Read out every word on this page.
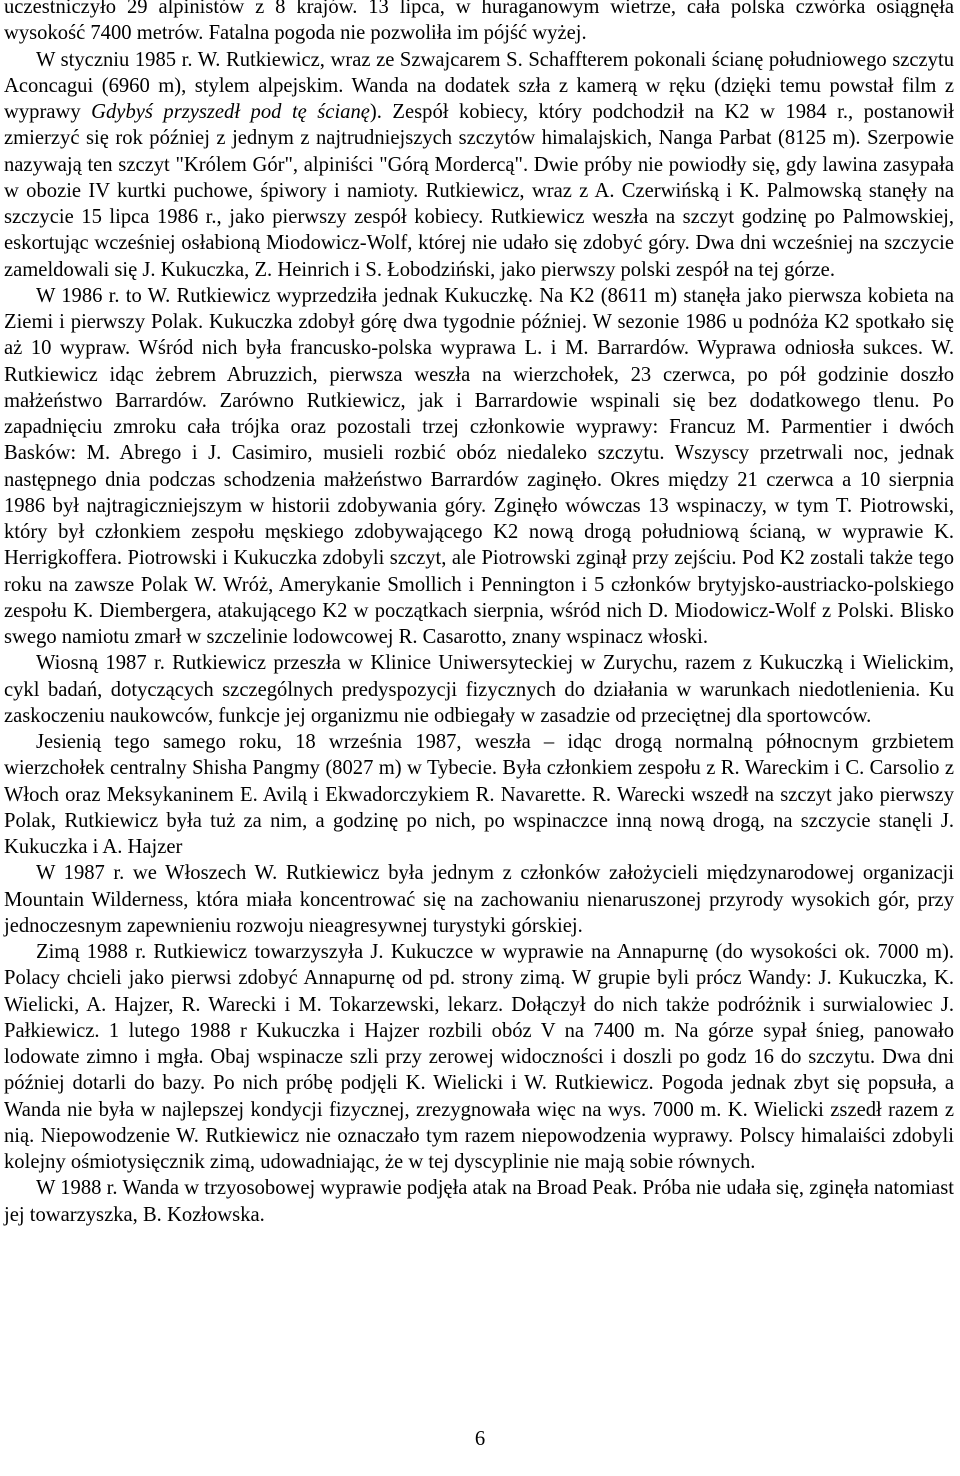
uczestniczyło 29 alpinistów z 8 krajów. 13 lipca, w huraganowym wietrze, cała polska czwórka osiągnęła wysokość 7400 metrów. Fatalna pogoda nie pozwoliła im pójść wyżej.

W styczniu 1985 r. W. Rutkiewicz, wraz ze Szwajcarem S. Schaffterem pokonali ścianę południowego szczytu Aconcagui (6960 m), stylem alpejskim. Wanda na dodatek szła z kamerą w ręku (dzięki temu powstał film z wyprawy Gdybyś przyszedł pod tę ścianę). Zespół kobiecy, który podchodził na K2 w 1984 r., postanowił zmierzyć się rok później z jednym z najtrudniejszych szczytów himalajskich, Nanga Parbat (8125 m). Szerpowie nazywają ten szczyt "Królem Gór", alpiniści "Górą Mordercą". Dwie próby nie powiodły się, gdy lawina zasypała w obozie IV kurtki puchowe, śpiwory i namioty. Rutkiewicz, wraz z A. Czerwińską i K. Palmowską stanęły na szczycie 15 lipca 1986 r., jako pierwszy zespół kobiecy. Rutkiewicz weszła na szczyt godzinę po Palmowskiej, eskortując wcześniej osłabioną Miodowicz-Wolf, której nie udało się zdobyć góry. Dwa dni wcześniej na szczycie zameldowali się J. Kukuczka, Z. Heinrich i S. Łobodziński, jako pierwszy polski zespół na tej górze.

W 1986 r. to W. Rutkiewicz wyprzedziła jednak Kukuczkę. Na K2 (8611 m) stanęła jako pierwsza kobieta na Ziemi i pierwszy Polak. Kukuczka zdobył górę dwa tygodnie później. W sezonie 1986 u podnóża K2 spotkało się aż 10 wypraw. Wśród nich była francusko-polska wyprawa L. i M. Barrardów. Wyprawa odniosła sukces. W. Rutkiewicz idąc żebrem Abruzzich, pierwsza weszła na wierzchołek, 23 czerwca, po pół godzinie doszło małżeństwo Barrardów. Zarówno Rutkiewicz, jak i Barrardowie wspinali się bez dodatkowego tlenu. Po zapadnięciu zmroku cała trójka oraz pozostali trzej członkowie wyprawy: Francuz M. Parmentier i dwóch Basków: M. Abrego i J. Casimiro, musieli rozbić obóz niedaleko szczytu. Wszyscy przetrwali noc, jednak następnego dnia podczas schodzenia małżeństwo Barrardów zaginęło. Okres między 21 czerwca a 10 sierpnia 1986 był najtragiczniejszym w historii zdobywania góry. Zginęło wówczas 13 wspinaczy, w tym T. Piotrowski, który był członkiem zespołu męskiego zdobywającego K2 nową drogą południową ścianą, w wyprawie K. Herrigkoffera. Piotrowski i Kukuczka zdobyli szczyt, ale Piotrowski zginął przy zejściu. Pod K2 zostali także tego roku na zawsze Polak W. Wróż, Amerykanie Smollich i Pennington i 5 członków brytyjsko-austriacko-polskiego zespołu K. Diembergera, atakującego K2 w początkach sierpnia, wśród nich D. Miodowicz-Wolf z Polski. Blisko swego namiotu zmarł w szczelinie lodowcowej R. Casarotto, znany wspinacz włoski.

Wiosną 1987 r. Rutkiewicz przeszła w Klinice Uniwersyteckiej w Zurychu, razem z Kukuczką i Wielickim, cykl badań, dotyczących szczególnych predyspozycji fizycznych do działania w warunkach niedotlenienia. Ku zaskoczeniu naukowców, funkcje jej organizmu nie odbiegały w zasadzie od przeciętnej dla sportowców.

Jesienią tego samego roku, 18 września 1987, weszła – idąc drogą normalną północnym grzbietem wierzchołek centralny Shisha Pangmy (8027 m) w Tybecie. Była członkiem zespołu z R. Wareckim i C. Carsolio z Włoch oraz Meksykaninem E. Avilą i Ekwadorczykiem R. Navarette. R. Warecki wszedł na szczyt jako pierwszy Polak, Rutkiewicz była tuż za nim, a godzinę po nich, po wspinaczce inną nową drogą, na szczycie stanęli J. Kukuczka i A. Hajzer

W 1987 r. we Włoszech W. Rutkiewicz była jednym z członków założycieli międzynarodowej organizacji Mountain Wilderness, która miała koncentrować się na zachowaniu nienaruszonej przyrody wysokich gór, przy jednoczesnym zapewnieniu rozwoju nieagresywnej turystyki górskiej.

Zimą 1988 r. Rutkiewicz towarzyszyła J. Kukuczce w wyprawie na Annapurnę (do wysokości ok. 7000 m). Polacy chcieli jako pierwsi zdobyć Annapurnę od pd. strony zimą. W grupie byli prócz Wandy: J. Kukuczka, K. Wielicki, A. Hajzer, R. Warecki i M. Tokarzewski, lekarz. Dołączył do nich także podróżnik i surwialowiec J. Pałkiewicz. 1 lutego 1988 r Kukuczka i Hajzer rozbili obóz V na 7400 m. Na górze sypał śnieg, panowało lodowate zimno i mgła. Obaj wspinacze szli przy zerowej widoczności i doszli po godz 16 do szczytu. Dwa dni później dotarli do bazy. Po nich próbę podjęli K. Wielicki i W. Rutkiewicz. Pogoda jednak zbyt się popsuła, a Wanda nie była w najlepszej kondycji fizycznej, zrezygnowała więc na wys. 7000 m. K. Wielicki zszedł razem z nią. Niepowodzenie W. Rutkiewicz nie oznaczało tym razem niepowodzenia wyprawy. Polscy himalaiści zdobyli kolejny ośmiotysięcznik zimą, udowadniając, że w tej dyscyplinie nie mają sobie równych.

W 1988 r. Wanda w trzyosobowej wyprawie podjęła atak na Broad Peak. Próba nie udała się, zginęła natomiast jej towarzyszka, B. Kozłowska.

6
